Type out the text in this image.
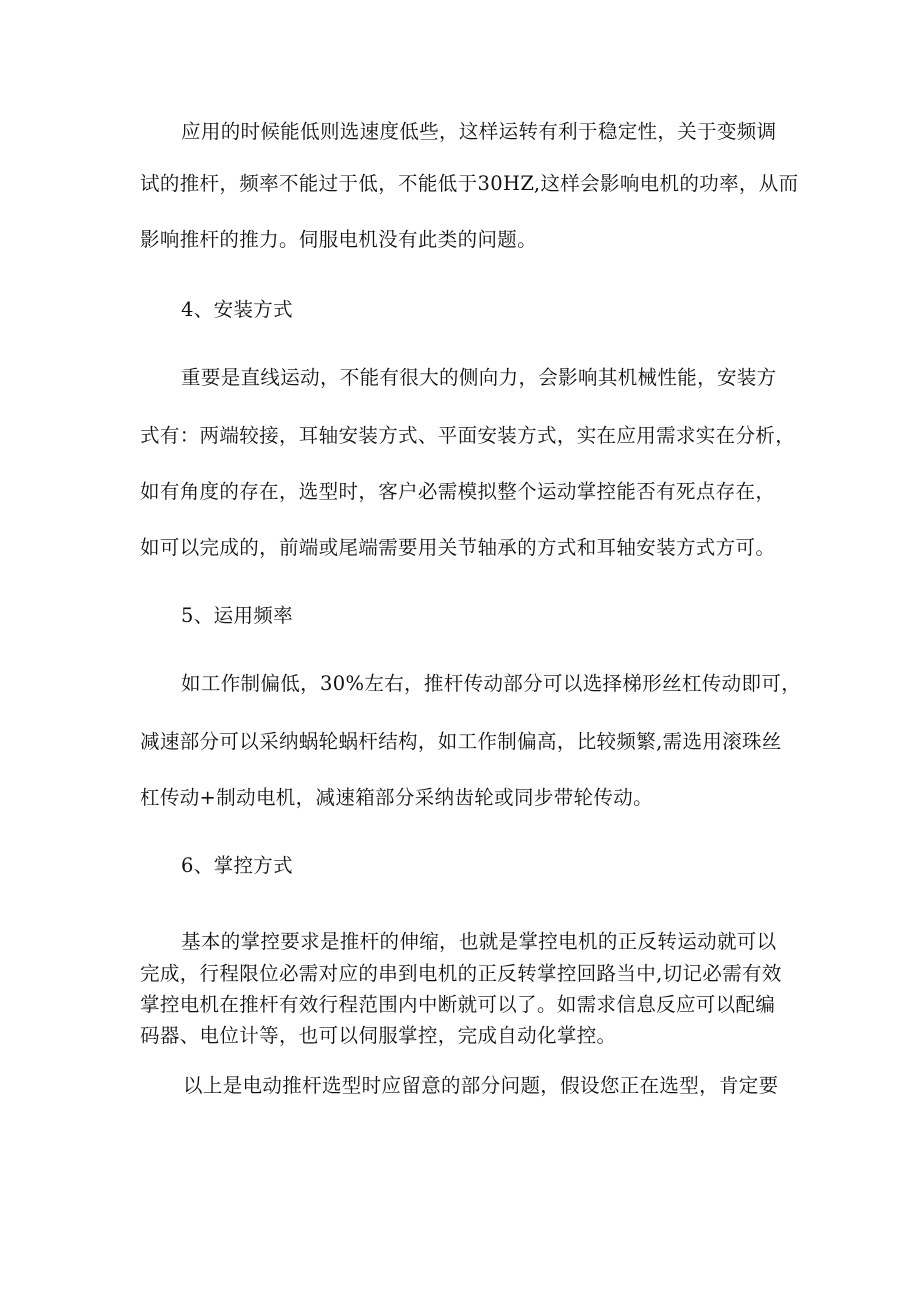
应用的时候能低则选速度低些，这样运转有利于稳定性，关于变频调
试的推杆，频率不能过于低，不能低于30HZ,这样会影响电机的功率，从而
影响推杆的推力。伺服电机没有此类的问题。
4、安装方式
重要是直线运动，不能有很大的侧向力，会影响其机械性能，安装方
式有：两端较接，耳轴安装方式、平面安装方式，实在应用需求实在分析，
如有角度的存在，选型时，客户必需模拟整个运动掌控能否有死点存在，
如可以完成的，前端或尾端需要用关节轴承的方式和耳轴安装方式方可。
5、运用频率
如工作制偏低，30%左右，推杆传动部分可以选择梯形丝杠传动即可，
减速部分可以采纳蜗轮蜗杆结构，如工作制偏高，比较频繁,需选用滚珠丝
杠传动+制动电机，减速箱部分采纳齿轮或同步带轮传动。
6、掌控方式
基本的掌控要求是推杆的伸缩，也就是掌控电机的正反转运动就可以
完成，行程限位必需对应的串到电机的正反转掌控回路当中,切记必需有效
掌控电机在推杆有效行程范围内中断就可以了。如需求信息反应可以配编
码器、电位计等，也可以伺服掌控，完成自动化掌控。
以上是电动推杆选型时应留意的部分问题，假设您正在选型，肯定要
